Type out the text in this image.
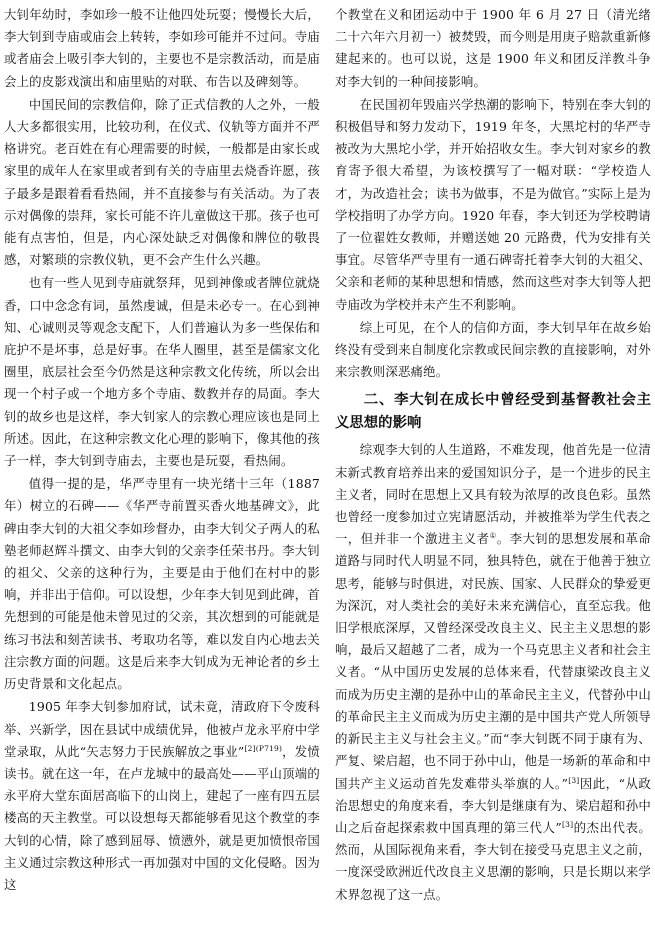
大钊年幼时，李如珍一般不让他四处玩耍；慢慢长大后，李大钊到寺庙或庙会上转转，李如珍可能并不过问。寺庙或者庙会上吸引李大钊的，主要也不是宗教活动，而是庙会上的皮影戏演出和庙里贴的对联、布告以及碑刻等。

中国民间的宗教信仰，除了正式信教的人之外，一般人大多都很实用，比较功利，在仪式、仪轨等方面并不严格讲究。老百姓在有心理需要的时候，一般都是由家长或家里的成年人在家里或者到有关的寺庙里去烧香许愿，孩子最多是跟着看看热闹，并不直接参与有关活动。为了表示对偶像的崇拜，家长可能不许儿童做这干那。孩子也可能有点害怕，但是，内心深处缺乏对偶像和牌位的敬畏感，对繁琐的宗教仪轨，更不会产生什么兴趣。

也有一些人见到寺庙就祭拜，见到神像或者牌位就烧香，口中念念有词，虽然虔诚，但是未必专一。在心到神知、心诚则灵等观念支配下，人们普遍认为多一些保佑和庇护不是坏事，总是好事。在华人圈里，甚至是儒家文化圈里，底层社会至今仍然是这种宗教文化传统，所以会出现一个村子或一个地方多个寺庙、数教并存的局面。李大钊的故乡也是这样，李大钊家人的宗教心理应该也是同上所述。因此，在这种宗教文化心理的影响下，像其他的孩子一样，李大钊到寺庙去，主要也是玩耍，看热闹。

值得一提的是，华严寺里有一块光绪十三年（1887 年）树立的石碑——《华严寺前置买香火地基碑文》，此碑由李大钊的大祖父李如珍督办，由李大钊父子两人的私塾老师赵辉斗撰文、由李大钊的父亲李任荣书丹。李大钊的祖父、父亲的这种行为，主要是由于他们在村中的影响，并非出于信仰。可以设想，少年李大钊见到此碑，首先想到的可能是他未曾见过的父亲，其次想到的可能就是练习书法和刻苦读书、考取功名等，难以发自内心地去关注宗教方面的问题。这是后来李大钊成为无神论者的乡土历史背景和文化起点。

1905 年李大钊参加府试，试未竟，清政府下令废科举、兴新学，因在县试中成绩优异，他被卢龙永平府中学堂录取，从此“矢志努力于民族解放之事业”$^{[2](P719)}$，发愤读书。就在这一年，在卢龙城中的最高处——平山顶端的永平府大堂东面居高临下的山岗上，建起了一座有四五层楼高的天主教堂。可以设想每天都能够看见这个教堂的李大钊的心情，除了感到屈辱、愤懑外，就是更加愤恨帝国主义通过宗教这种形式一再加强对中国的文化侵略。因为这

个教堂在义和团运动中于 1900 年 6 月 27 日（清光绪二十六年六月初一）被焚毁，而今则是用庚子赔款重新修建起来的。也可以说，这是 1900 年义和团反洋教斗争对李大钊的一种间接影响。

在民国初年毁庙兴学热潮的影响下，特别在李大钊的积极倡导和努力发动下，1919 年冬，大黑坨村的华严寺被改为大黑坨小学，并开始招收女生。李大钊对家乡的教育寄予很大希望，为该校撰写了一幅对联：“学校造人才，为改造社会；读书为做事，不是为做官。”实际上是为学校指明了办学方向。1920 年春，李大钊还为学校聘请了一位翟姓女教师，并赠送她 20 元路费，代为安排有关事宜。尽管华严寺里有一通石碑寄托着李大钊的大祖父、父亲和老师的某种思想和情感，然而这些对李大钊等人把寺庙改为学校并未产生不利影响。

综上可见，在个人的信仰方面，李大钊早年在故乡始终没有受到来自制度化宗教或民间宗教的直接影响，对外来宗教则深恶痛绝。

二、李大钊在成长中曾经受到基督教社会主义思想的影响

综观李大钊的人生道路，不难发现，他首先是一位清末新式教育培养出来的爱国知识分子，是一个进步的民主主义者，同时在思想上又具有较为浓厚的改良色彩。虽然也曾经一度参加过立宪请愿活动，并被推举为学生代表之一，但并非一个激进主义者①。李大钊的思想发展和革命道路与同时代人明显不同，独具特色，就在于他善于独立思考，能够与时俱进，对民族、国家、人民群众的挚爱更为深沉，对人类社会的美好未来充满信心，直至忘我。他旧学根底深厚，又曾经深受改良主义、民主主义思想的影响，最后又超越了二者，成为一个马克思主义者和社会主义者。“从中国历史发展的总体来看，代替康梁改良主义而成为历史主潮的是孙中山的革命民主主义，代替孙中山的革命民主主义而成为历史主潮的是中国共产党人所领导的新民主主义与社会主义。”而“李大钊既不同于康有为、严复、梁启超，也不同于孙中山，他是一场新的革命和中国共产主义运动首先发难带头举旗的人。”[3]因此，“从政治思想史的角度来看，李大钊是继康有为、梁启超和孙中山之后奋起探索救中国真理的第三代人”[3]的杰出代表。然而，从国际视角来看，李大钊在接受马克思主义之前，一度深受欧洲近代改良主义思潮的影响，只是长期以来学术界忽视了这一点。
